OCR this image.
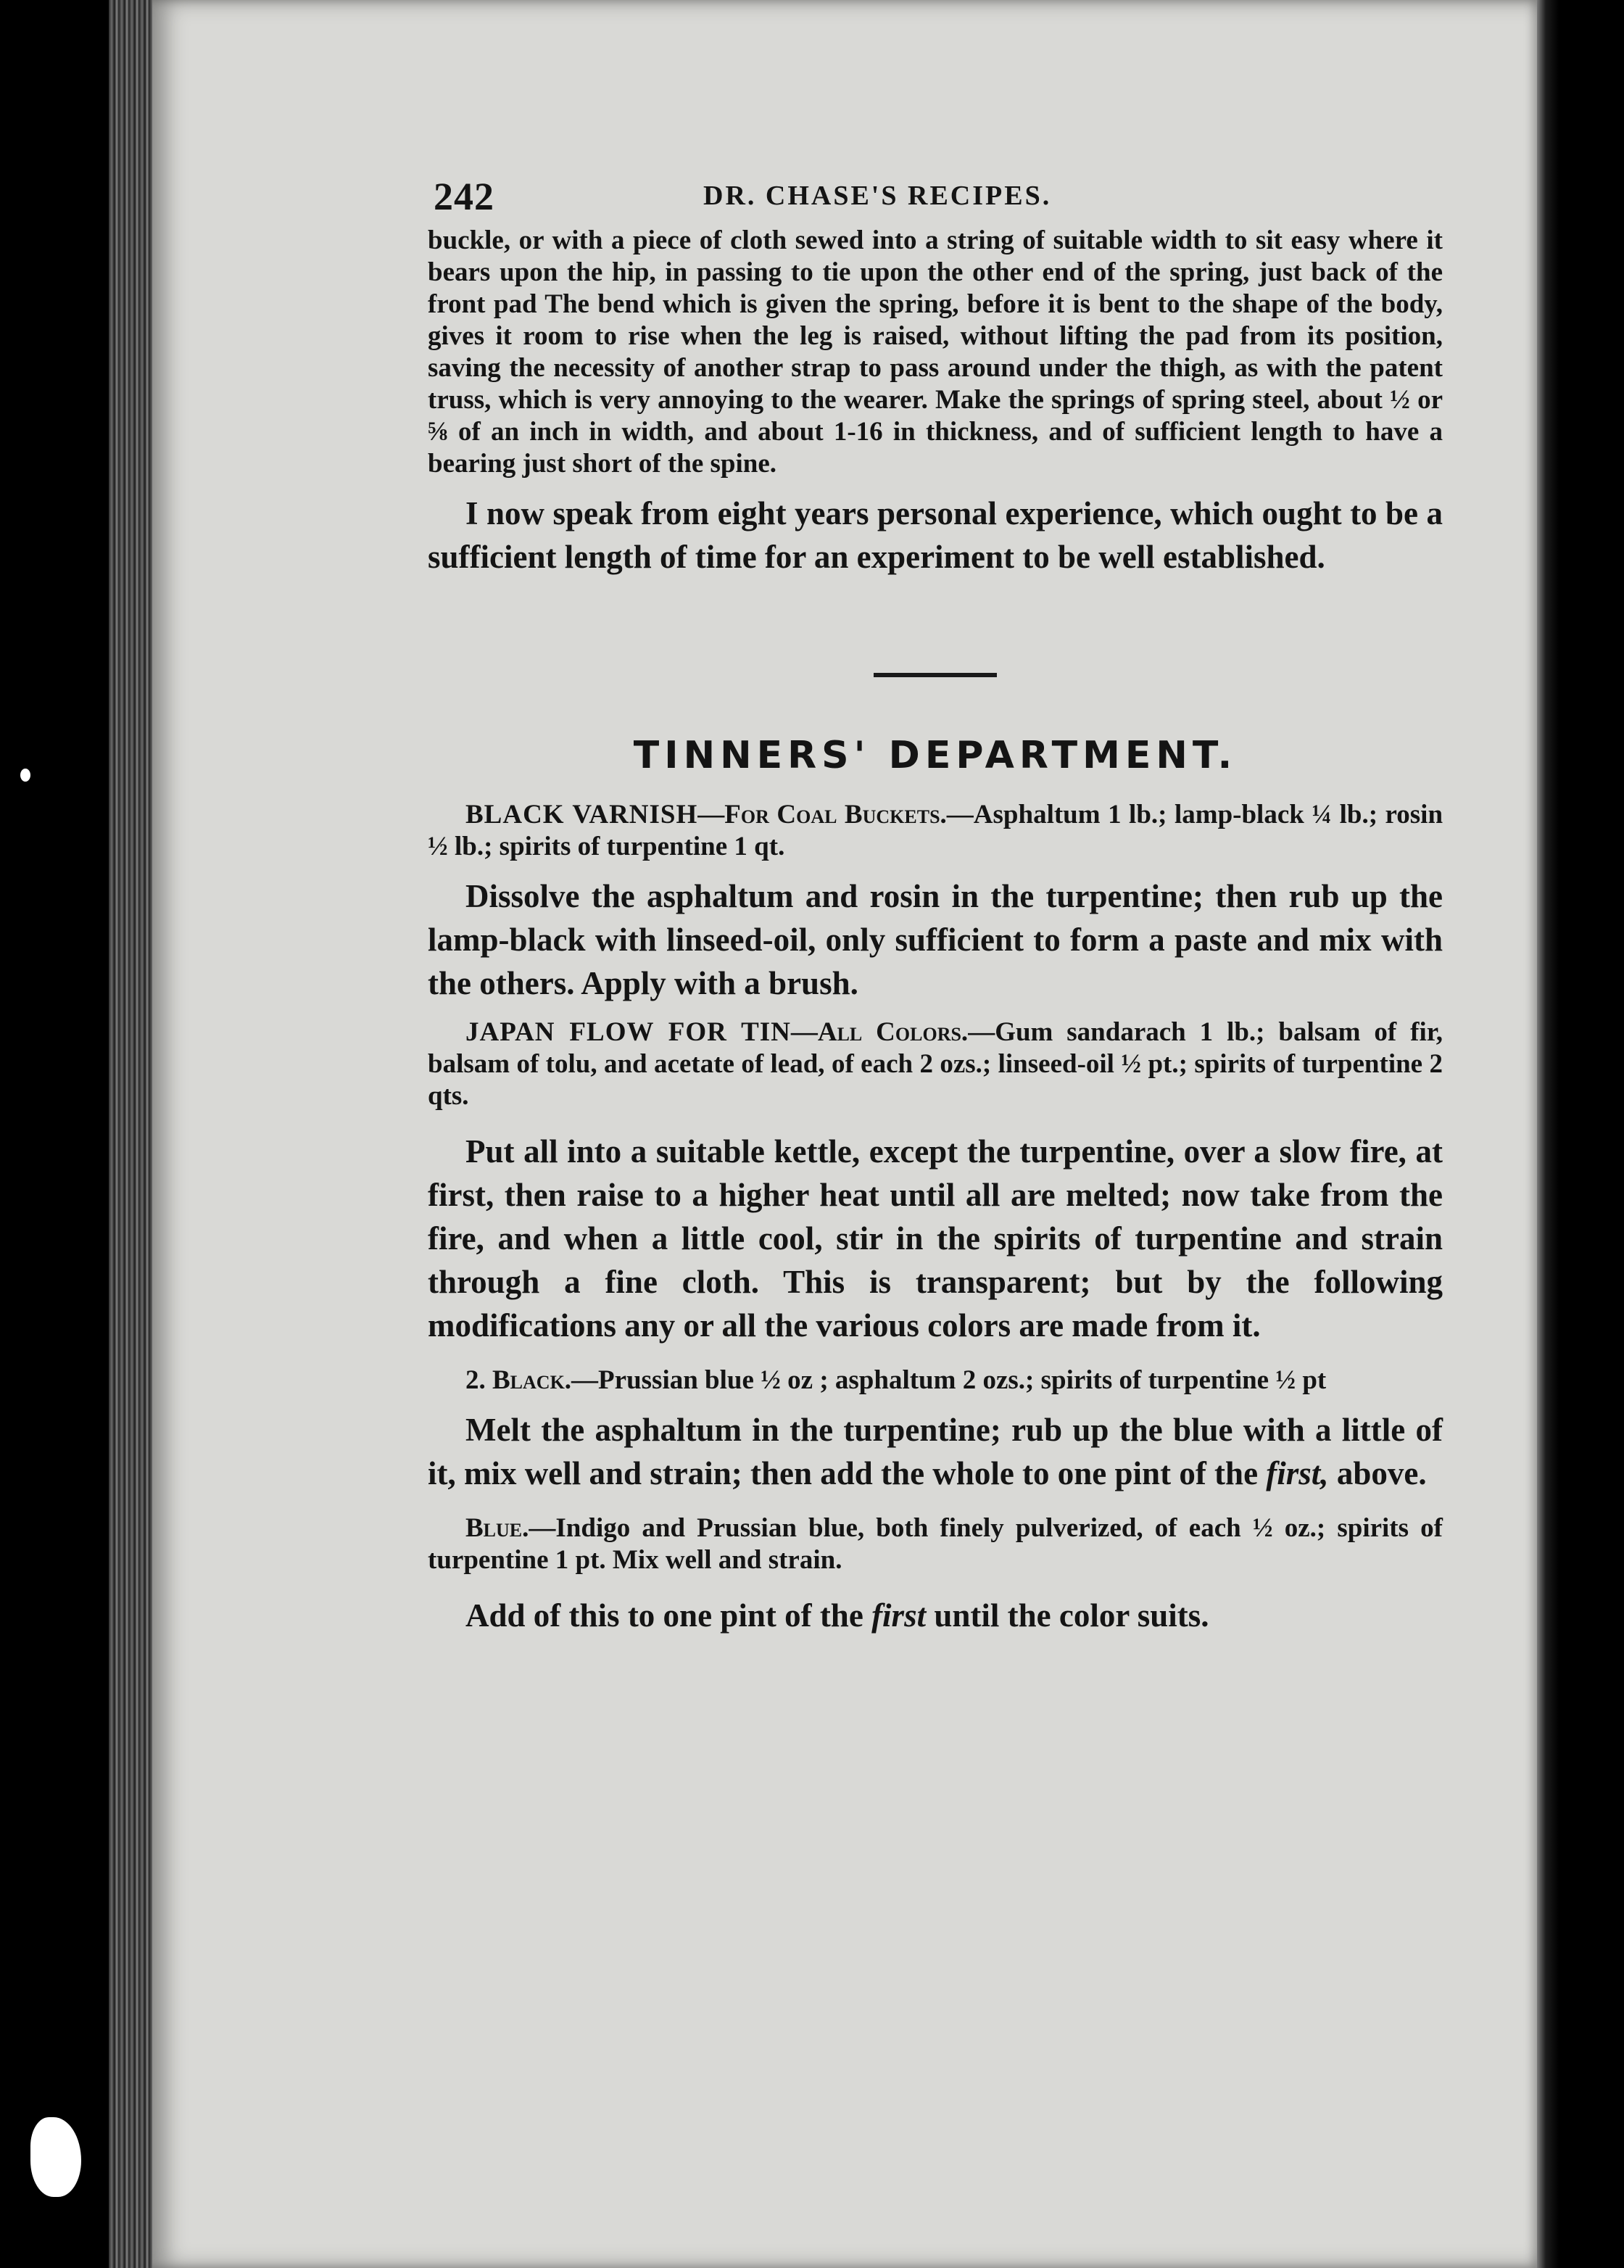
242	DR. CHASE'S RECIPES.

buckle, or with a piece of cloth sewed into a string of suitable width to sit easy where it bears upon the hip, in passing to tie upon the other end of the spring, just back of the front pad The bend which is given the spring, before it is bent to the shape of the body, gives it room to rise when the leg is raised, without lifting the pad from its position, saving the necessity of another strap to pass around under the thigh, as with the patent truss, which is very annoying to the wearer. Make the springs of spring steel, about ½ or ⅝ of an inch in width, and about 1-16 in thickness, and of sufficient length to have a bearing just short of the spine.

I now speak from eight years personal experience, which ought to be a sufficient length of time for an experiment to be well established.

TINNERS' DEPARTMENT.

BLACK VARNISH—For Coal Buckets.—Asphaltum 1 lb.; lamp-black ¼ lb.; rosin ½ lb.; spirits of turpentine 1 qt.

Dissolve the asphaltum and rosin in the turpentine; then rub up the lamp-black with linseed-oil, only sufficient to form a paste and mix with the others. Apply with a brush.

JAPAN FLOW FOR TIN—All Colors.—Gum sandarach 1 lb.; balsam of fir, balsam of tolu, and acetate of lead, of each 2 ozs.; linseed-oil ½ pt.; spirits of turpentine 2 qts.

Put all into a suitable kettle, except the turpentine, over a slow fire, at first, then raise to a higher heat until all are melted; now take from the fire, and when a little cool, stir in the spirits of turpentine and strain through a fine cloth. This is transparent; but by the following modifications any or all the various colors are made from it.

2. Black.—Prussian blue ½ oz ; asphaltum 2 ozs.; spirits of turpentine ½ pt

Melt the asphaltum in the turpentine; rub up the blue with a little of it, mix well and strain; then add the whole to one pint of the first, above.

Blue.—Indigo and Prussian blue, both finely pulverized, of each ½ oz.; spirits of turpentine 1 pt. Mix well and strain.

Add of this to one pint of the first until the color suits.
